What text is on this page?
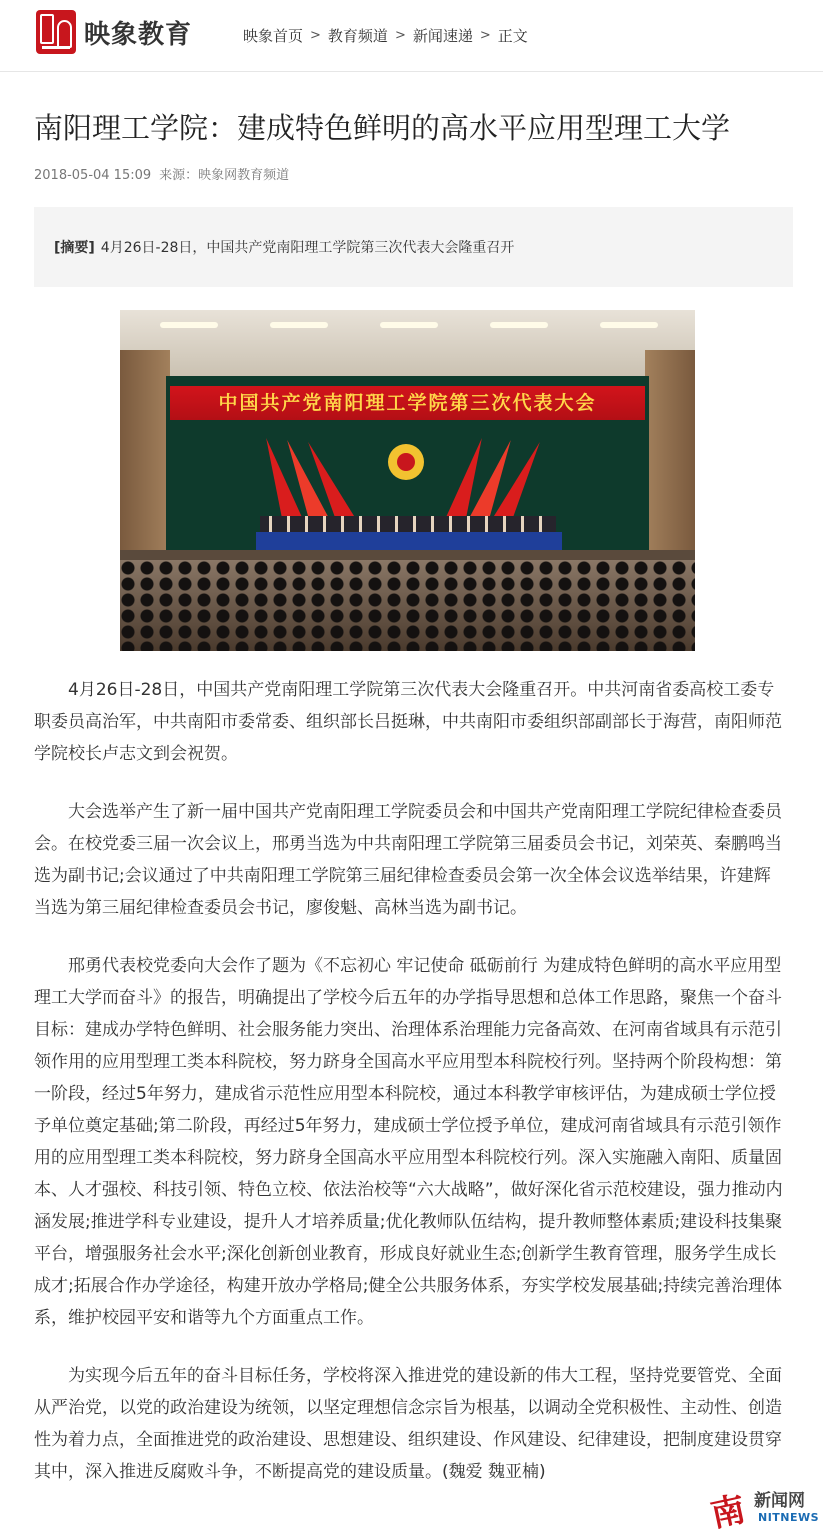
映象教育	映象首页 > 教育频道 > 新闻速递 > 正文
南阳理工学院：建成特色鲜明的高水平应用型理工大学
2018-05-04 15:09 来源：映象网教育频道
[摘要] 4月26日-28日，中国共产党南阳理工学院第三次代表大会隆重召开
中国共产党南阳理工学院第三次代表大会

4月26日-28日，中国共产党南阳理工学院第三次代表大会隆重召开。中共河南省委高校工委专职委员高治军，中共南阳市委常委、组织部长吕挺琳，中共南阳市委组织部副部长于海营，南阳师范学院校长卢志文到会祝贺。

大会选举产生了新一届中国共产党南阳理工学院委员会和中国共产党南阳理工学院纪律检查委员会。在校党委三届一次会议上，邢勇当选为中共南阳理工学院第三届委员会书记，刘荣英、秦鹏鸣当选为副书记;会议通过了中共南阳理工学院第三届纪律检查委员会第一次全体会议选举结果，许建辉当选为第三届纪律检查委员会书记，廖俊魁、高林当选为副书记。

邢勇代表校党委向大会作了题为《不忘初心 牢记使命 砥砺前行 为建成特色鲜明的高水平应用型理工大学而奋斗》的报告，明确提出了学校今后五年的办学指导思想和总体工作思路，聚焦一个奋斗目标：建成办学特色鲜明、社会服务能力突出、治理体系治理能力完备高效、在河南省域具有示范引领作用的应用型理工类本科院校，努力跻身全国高水平应用型本科院校行列。坚持两个阶段构想：第一阶段，经过5年努力，建成省示范性应用型本科院校，通过本科教学审核评估，为建成硕士学位授予单位奠定基础;第二阶段，再经过5年努力，建成硕士学位授予单位，建成河南省域具有示范引领作用的应用型理工类本科院校，努力跻身全国高水平应用型本科院校行列。深入实施融入南阳、质量固本、人才强校、科技引领、特色立校、依法治校等“六大战略”，做好深化省示范校建设，强力推动内涵发展;推进学科专业建设，提升人才培养质量;优化教师队伍结构，提升教师整体素质;建设科技集聚平台，增强服务社会水平;深化创新创业教育，形成良好就业生态;创新学生教育管理，服务学生成长成才;拓展合作办学途径，构建开放办学格局;健全公共服务体系，夯实学校发展基础;持续完善治理体系，维护校园平安和谐等九个方面重点工作。

为实现今后五年的奋斗目标任务，学校将深入推进党的建设新的伟大工程，坚持党要管党、全面从严治党，以党的政治建设为统领，以坚定理想信念宗旨为根基，以调动全党积极性、主动性、创造性为着力点，全面推进党的政治建设、思想建设、组织建设、作风建设、纪律建设，把制度建设贯穿其中，深入推进反腐败斗争，不断提高党的建设质量。(魏爱 魏亚楠)

南 新闻网
NITNEWS
